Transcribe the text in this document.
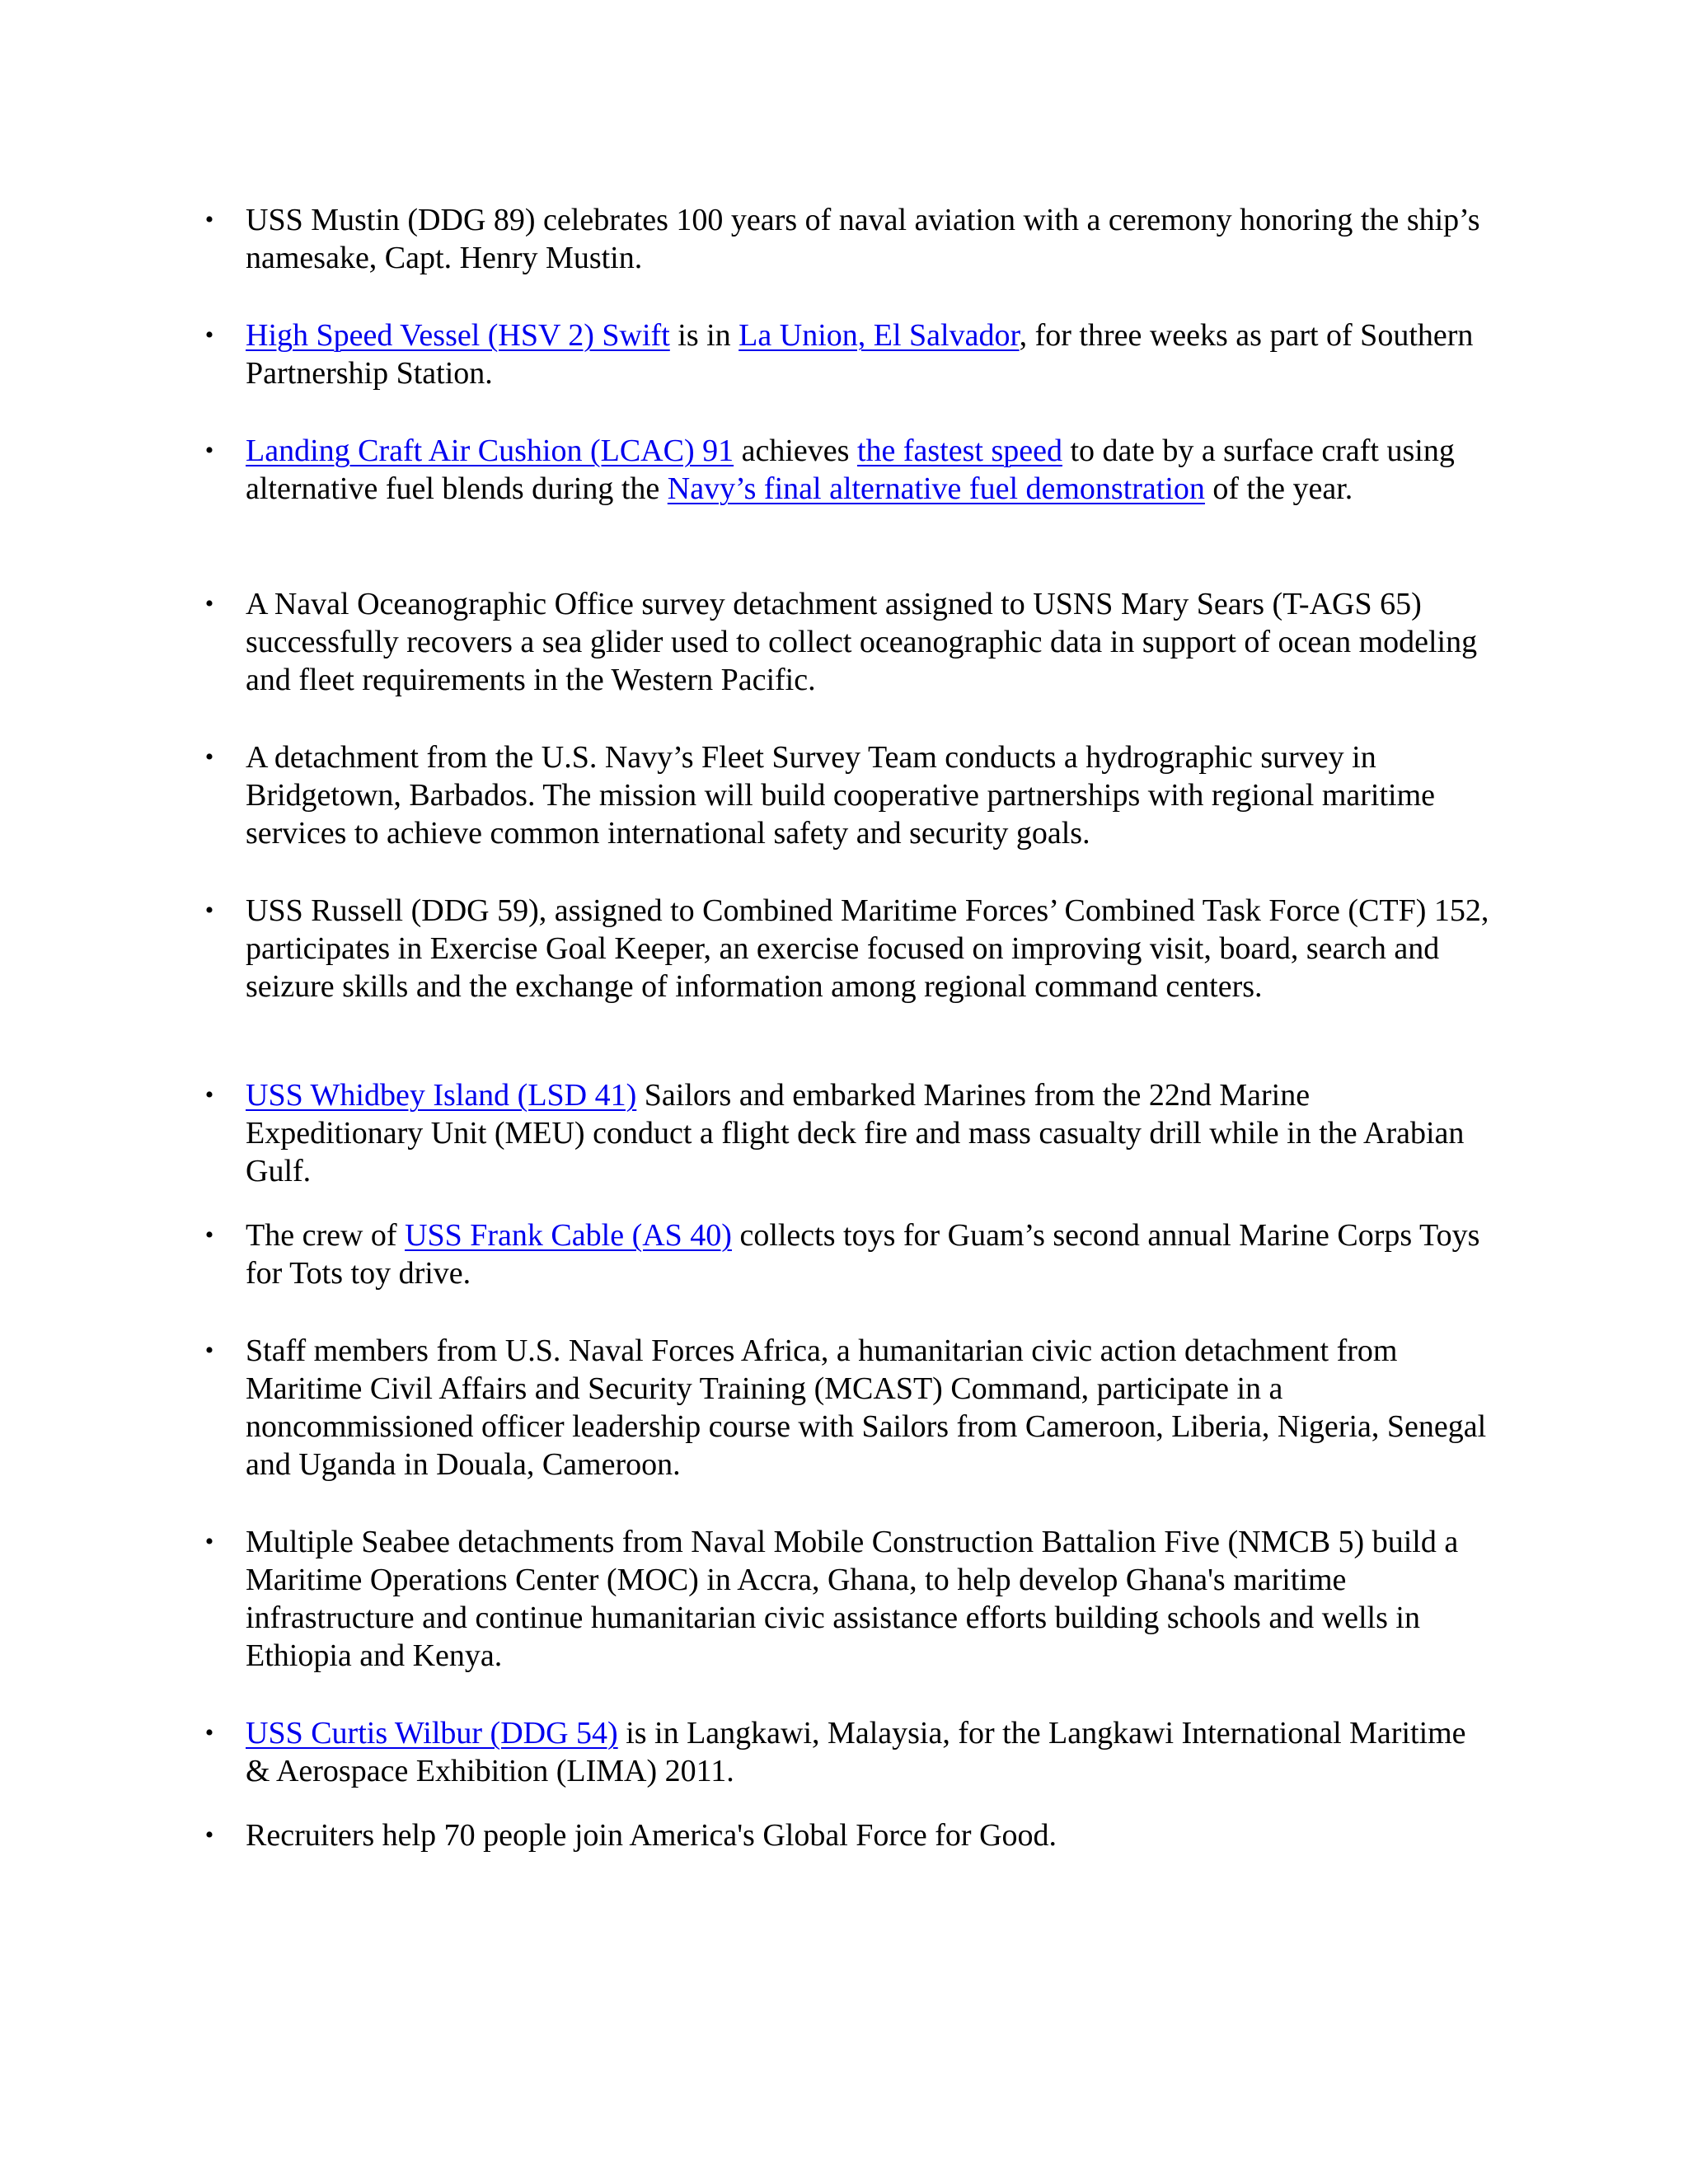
• USS Mustin (DDG 89) celebrates 100 years of naval aviation with a ceremony honoring the ship’s namesake, Capt. Henry Mustin.
• High Speed Vessel (HSV 2) Swift is in La Union, El Salvador, for three weeks as part of Southern Partnership Station.
• Landing Craft Air Cushion (LCAC) 91 achieves the fastest speed to date by a surface craft using alternative fuel blends during the Navy’s final alternative fuel demonstration of the year.
• A Naval Oceanographic Office survey detachment assigned to USNS Mary Sears (T-AGS 65) successfully recovers a sea glider used to collect oceanographic data in support of ocean modeling and fleet requirements in the Western Pacific.
• A detachment from the U.S. Navy’s Fleet Survey Team conducts a hydrographic survey in Bridgetown, Barbados. The mission will build cooperative partnerships with regional maritime services to achieve common international safety and security goals.
• USS Russell (DDG 59), assigned to Combined Maritime Forces’ Combined Task Force (CTF) 152, participates in Exercise Goal Keeper, an exercise focused on improving visit, board, search and seizure skills and the exchange of information among regional command centers.
• USS Whidbey Island (LSD 41) Sailors and embarked Marines from the 22nd Marine Expeditionary Unit (MEU) conduct a flight deck fire and mass casualty drill while in the Arabian Gulf.
• The crew of USS Frank Cable (AS 40) collects toys for Guam’s second annual Marine Corps Toys for Tots toy drive.
• Staff members from U.S. Naval Forces Africa, a humanitarian civic action detachment from Maritime Civil Affairs and Security Training (MCAST) Command, participate in a noncommissioned officer leadership course with Sailors from Cameroon, Liberia, Nigeria, Senegal and Uganda in Douala, Cameroon.
• Multiple Seabee detachments from Naval Mobile Construction Battalion Five (NMCB 5) build a Maritime Operations Center (MOC) in Accra, Ghana, to help develop Ghana's maritime infrastructure and continue humanitarian civic assistance efforts building schools and wells in Ethiopia and Kenya.
• USS Curtis Wilbur (DDG 54) is in Langkawi, Malaysia, for the Langkawi International Maritime & Aerospace Exhibition (LIMA) 2011.
• Recruiters help 70 people join America's Global Force for Good.
